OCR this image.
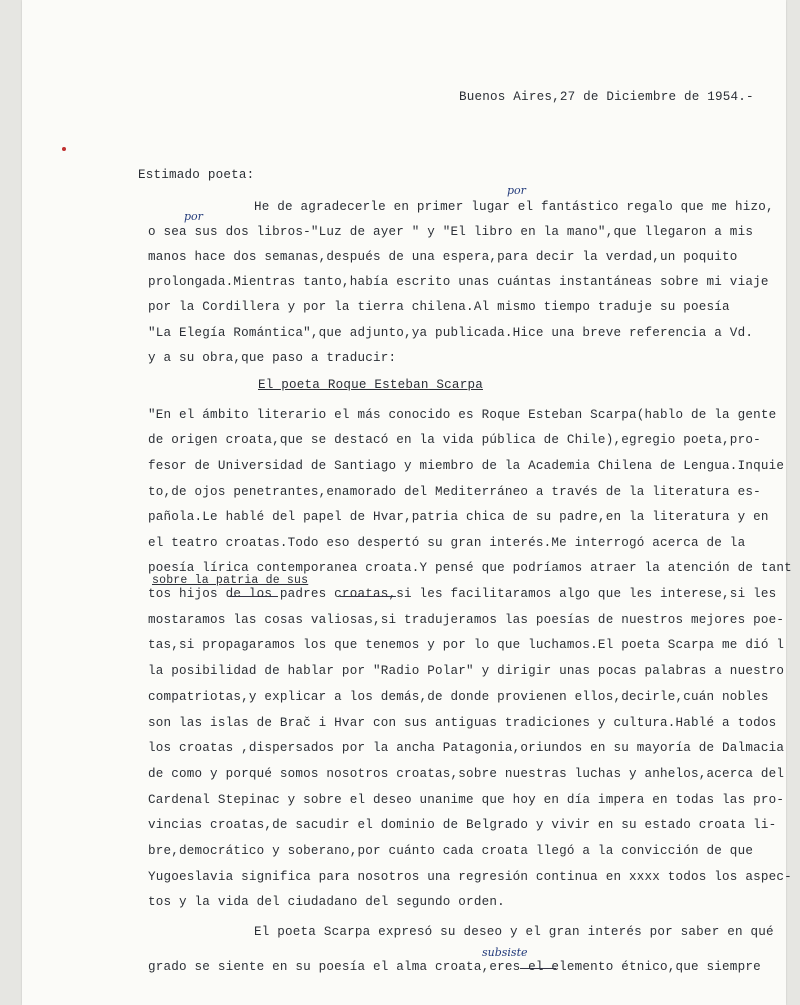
Buenos Aires,27 de Diciembre de 1954.-
Estimado poeta:
He de agradecerle en primer lugar el fantástico regalo que me hizo,
o sea sus dos libros-"Luz de ayer " y "El libro en la mano",que llegaron a mis
manos hace dos semanas,después de una espera,para decir la verdad,un poquito
prolongada.Mientras tanto,había escrito unas cuántas instantáneas sobre mi viaje
por la Cordillera y por la tierra chilena.Al mismo tiempo traduje su poesía
"La Elegía Romántica",que adjunto,ya publicada.Hice una breve referencia a Vd.
y a su obra,que paso a traducir:
El poeta Roque Esteban Scarpa
"En el ámbito literario el más conocido es Roque Esteban Scarpa(hablo de la gente
de origen croata,que se destacó en la vida pública de Chile),egregio poeta,pro-
fesor de Universidad de Santiago y miembro de la Academia Chilena de Lengua.Inquie
to,de ojos penetrantes,enamorado del Mediterráneo a través de la literatura es-
pañola.Le hablé del papel de Hvar,patria chica de su padre,en la literatura y en
el teatro croatas.Todo eso despertó su gran interés.Me interrogó acerca de la
poesía lírica contemporanea croata.Y pensé que podríamos atraer la atención de tant
tos hijos de los padres croatas,si les facilitaramos algo que les interese,si les
mostaramos las cosas valiosas,si tradujeramos las poesías de nuestros mejores poe-
tas,si propagaramos los que tenemos y por lo que luchamos.El poeta Scarpa me dió l
la posibilidad de hablar por "Radio Polar" y dirigir unas pocas palabras a nuestro
compatriotas,y explicar a los demás,de donde provienen ellos,decirle,cuán nobles
son las islas de Brač i Hvar con sus antiguas tradiciones y cultura.Hablé a todos
los croatas ,dispersados por la ancha Patagonia,oriundos en su mayoría de Dalmacia
de como y porqué somos nosotros croatas,sobre nuestras luchas y anhelos,acerca del
Cardenal Stepinac y sobre el deseo unanime que hoy en día impera en todas las pro-
vincias croatas,de sacudir el dominio de Belgrado y vivir en su estado croata li-
bre,democrático y soberano,por cuánto cada croata llegó a la convicción de que
Yugoeslavia significa para nosotros una regresión continua en xxxx todos los aspec-
tos y la vida del ciudadano del segundo orden.
El poeta Scarpa expresó su deseo y el gran interés por saber en qué
grado se siente en su poesía el alma croata,eres el elemento étnico,que siempre
por
por
sobre la patria de sus
subsiste
